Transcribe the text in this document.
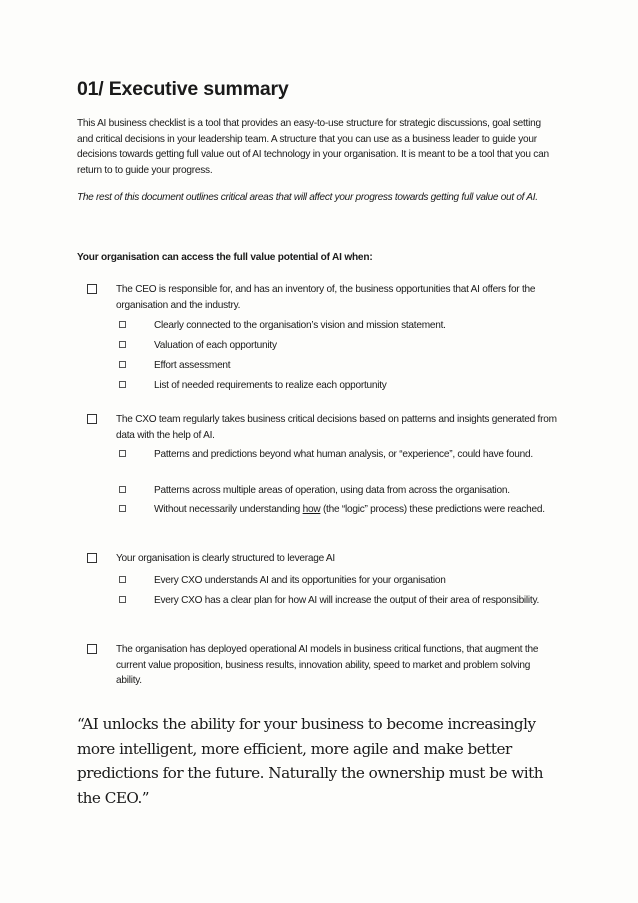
01/ Executive summary

This AI business checklist is a tool that provides an easy-to-use structure for strategic discussions, goal setting and critical decisions in your leadership team. A structure that you can use as a business leader to guide your decisions towards getting full value out of AI technology in your organisation. It is meant to be a tool that you can return to to guide your progress.

The rest of this document outlines critical areas that will affect your progress towards getting full value out of AI.

Your organisation can access the full value potential of AI when:

The CEO is responsible for, and has an inventory of, the business opportunities that AI offers for the organisation and the industry.
Clearly connected to the organisation’s vision and mission statement.
Valuation of each opportunity
Effort assessment
List of needed requirements to realize each opportunity
The CXO team regularly takes business critical decisions based on patterns and insights generated from data with the help of AI.
Patterns and predictions beyond what human analysis, or “experience”, could have found.
Patterns across multiple areas of operation, using data from across the organisation.
Without necessarily understanding how (the “logic” process) these predictions were reached.
Your organisation is clearly structured to leverage AI
Every CXO understands AI and its opportunities for your organisation
Every CXO has a clear plan for how AI will increase the output of their area of responsibility.
The organisation has deployed operational AI models in business critical functions, that augment the current value proposition, business results, innovation ability, speed to market and problem solving ability.

“AI unlocks the ability for your business to become increasingly more intelligent, more efficient, more agile and make better predictions for the future. Naturally the ownership must be with the CEO.”
